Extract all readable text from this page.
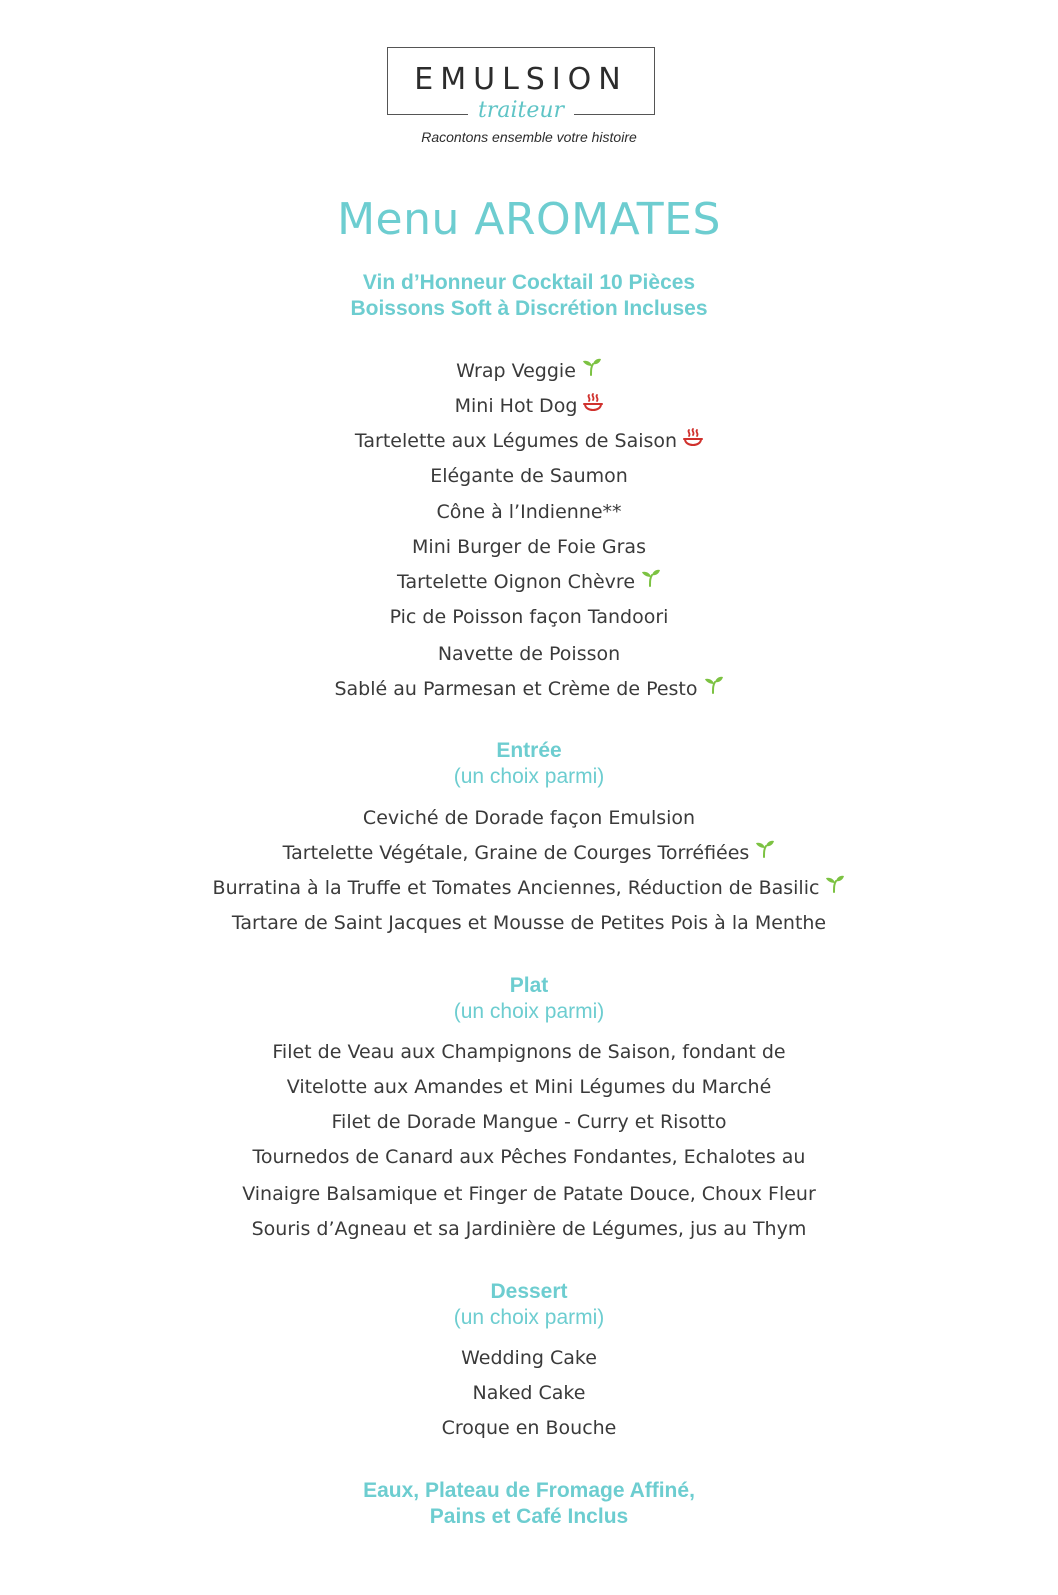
EMULSION
traiteur
Racontons ensemble votre histoire
Menu AROMATES
Vin d’Honneur Cocktail 10 Pièces
Boissons Soft à Discrétion Incluses
Wrap Veggie
Mini Hot Dog
Tartelette aux Légumes de Saison
Elégante de Saumon
Cône à l’Indienne**
Mini Burger de Foie Gras
Tartelette Oignon Chèvre
Pic de Poisson façon Tandoori
Navette de Poisson
Sablé au Parmesan et Crème de Pesto
Entrée
(un choix parmi)
Ceviché de Dorade façon Emulsion
Tartelette Végétale, Graine de Courges Torréfiées
Burratina à la Truffe et Tomates Anciennes, Réduction de Basilic
Tartare de Saint Jacques et Mousse de Petites Pois à la Menthe
Plat
(un choix parmi)
Filet de Veau aux Champignons de Saison, fondant de
Vitelotte aux Amandes et Mini Légumes du Marché
Filet de Dorade Mangue - Curry et Risotto
Tournedos de Canard aux Pêches Fondantes, Echalotes au
Vinaigre Balsamique et Finger de Patate Douce, Choux Fleur
Souris d’Agneau et sa Jardinière de Légumes, jus au Thym
Dessert
(un choix parmi)
Wedding Cake
Naked Cake
Croque en Bouche
Eaux, Plateau de Fromage Affiné,
Pains et Café Inclus
